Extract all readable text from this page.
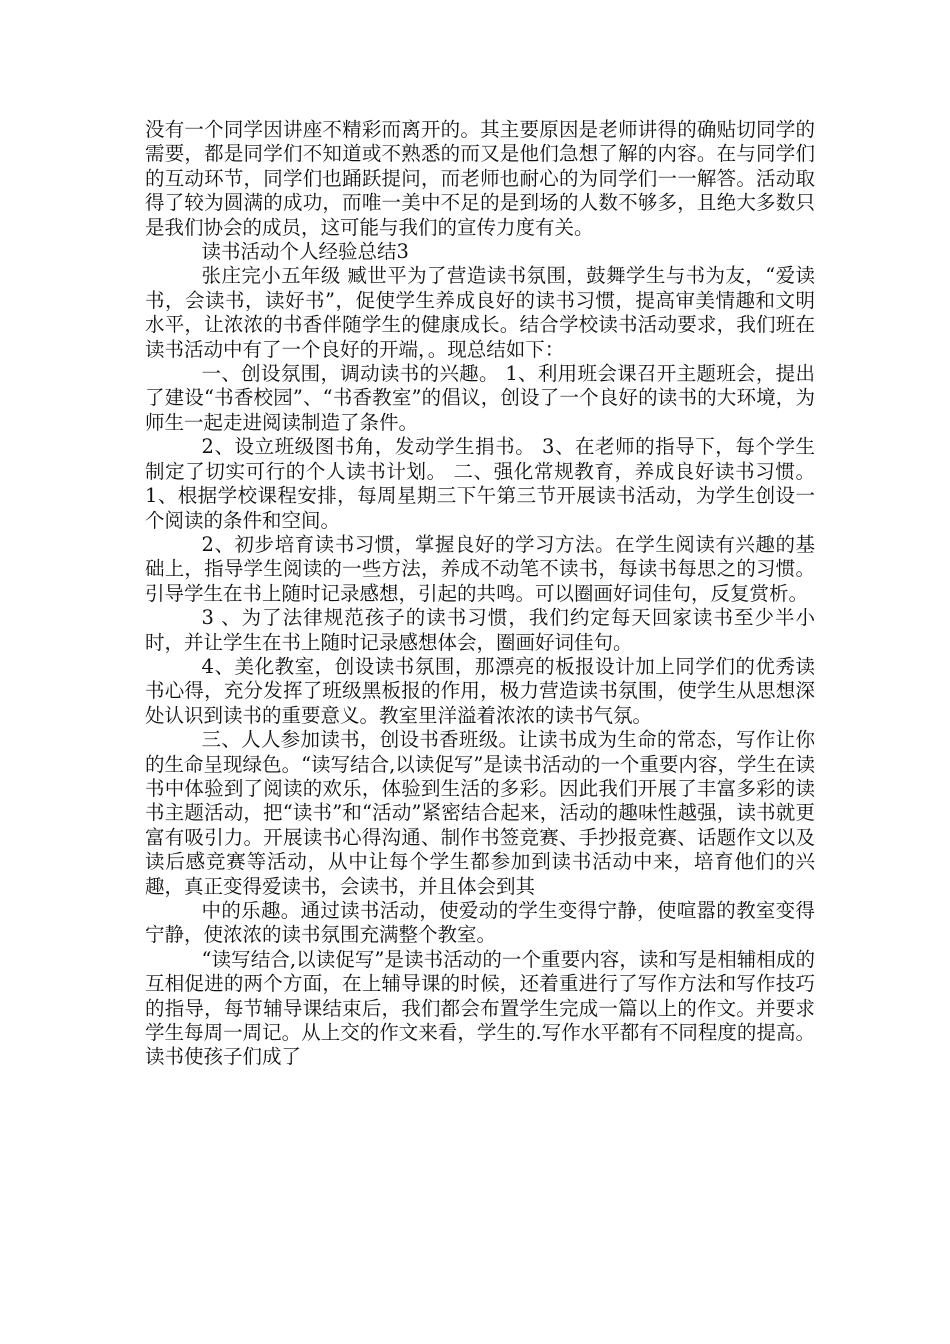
没有一个同学因讲座不精彩而离开的。其主要原因是老师讲得的确贴切同学的需要，都是同学们不知道或不熟悉的而又是他们急想了解的内容。在与同学们的互动环节，同学们也踊跃提问，而老师也耐心的为同学们一一解答。活动取得了较为圆满的成功，而唯一美中不足的是到场的人数不够多，且绝大多数只是我们协会的成员，这可能与我们的宣传力度有关。

读书活动个人经验总结3

张庄完小五年级 臧世平为了营造读书氛围，鼓舞学生与书为友，“爱读书，会读书，读好书”，促使学生养成良好的读书习惯，提高审美情趣和文明水平，让浓浓的书香伴随学生的健康成长。结合学校读书活动要求，我们班在读书活动中有了一个良好的开端，。现总结如下：

一、创设氛围，调动读书的兴趣。 1、利用班会课召开主题班会，提出了建设“书香校园”、“书香教室”的倡议，创设了一个良好的读书的大环境，为师生一起走进阅读制造了条件。

2、设立班级图书角，发动学生捐书。 3、在老师的指导下，每个学生制定了切实可行的个人读书计划。 二、强化常规教育，养成良好读书习惯。1、根据学校课程安排，每周星期三下午第三节开展读书活动，为学生创设一个阅读的条件和空间。

2、初步培育读书习惯，掌握良好的学习方法。在学生阅读有兴趣的基础上，指导学生阅读的一些方法，养成不动笔不读书，每读书每思之的习惯。引导学生在书上随时记录感想，引起的共鸣。可以圈画好词佳句，反复赏析。

3 、为了法律规范孩子的读书习惯，我们约定每天回家读书至少半小时，并让学生在书上随时记录感想体会，圈画好词佳句。

4、美化教室，创设读书氛围，那漂亮的板报设计加上同学们的优秀读书心得，充分发挥了班级黑板报的作用，极力营造读书氛围，使学生从思想深处认识到读书的重要意义。教室里洋溢着浓浓的读书气氛。

三、人人参加读书，创设书香班级。让读书成为生命的常态，写作让你的生命呈现绿色。“读写结合,以读促写”是读书活动的一个重要内容，学生在读书中体验到了阅读的欢乐，体验到生活的多彩。因此我们开展了丰富多彩的读书主题活动，把“读书”和“活动”紧密结合起来，活动的趣味性越强，读书就更富有吸引力。开展读书心得沟通、制作书签竞赛、手抄报竞赛、话题作文以及读后感竞赛等活动，从中让每个学生都参加到读书活动中来，培育他们的兴趣，真正变得爱读书，会读书，并且体会到其

中的乐趣。通过读书活动，使爱动的学生变得宁静，使喧嚣的教室变得宁静，使浓浓的读书氛围充满整个教室。

“读写结合,以读促写”是读书活动的一个重要内容，读和写是相辅相成的互相促进的两个方面，在上辅导课的时候，还着重进行了写作方法和写作技巧的指导，每节辅导课结束后，我们都会布置学生完成一篇以上的作文。并要求学生每周一周记。从上交的作文来看，学生的.写作水平都有不同程度的提高。读书使孩子们成了
